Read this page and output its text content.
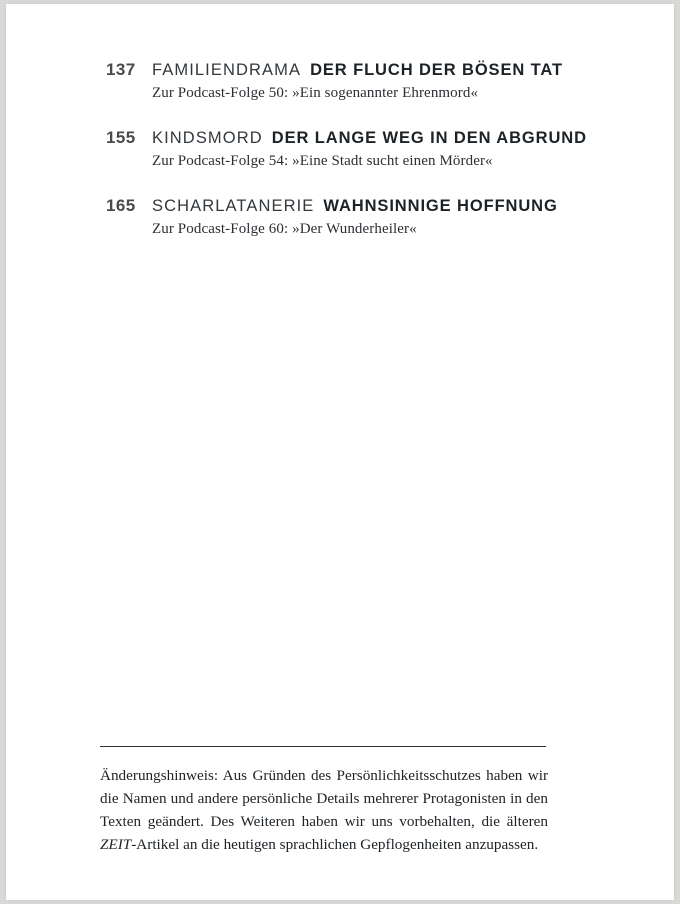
137 FAMILIENDRAMA DER FLUCH DER BÖSEN TAT
Zur Podcast-Folge 50: »Ein sogenannter Ehrenmord«
155 KINDSMORD DER LANGE WEG IN DEN ABGRUND
Zur Podcast-Folge 54: »Eine Stadt sucht einen Mörder«
165 SCHARLATANERIE WAHNSINNIGE HOFFNUNG
Zur Podcast-Folge 60: »Der Wunderheiler«
Änderungshinweis: Aus Gründen des Persönlichkeitsschutzes haben wir die Namen und andere persönliche Details mehrerer Protagonisten in den Texten geändert. Des Weiteren haben wir uns vorbehalten, die älteren ZEIT-Artikel an die heutigen sprachlichen Gepflogenheiten anzupassen.
